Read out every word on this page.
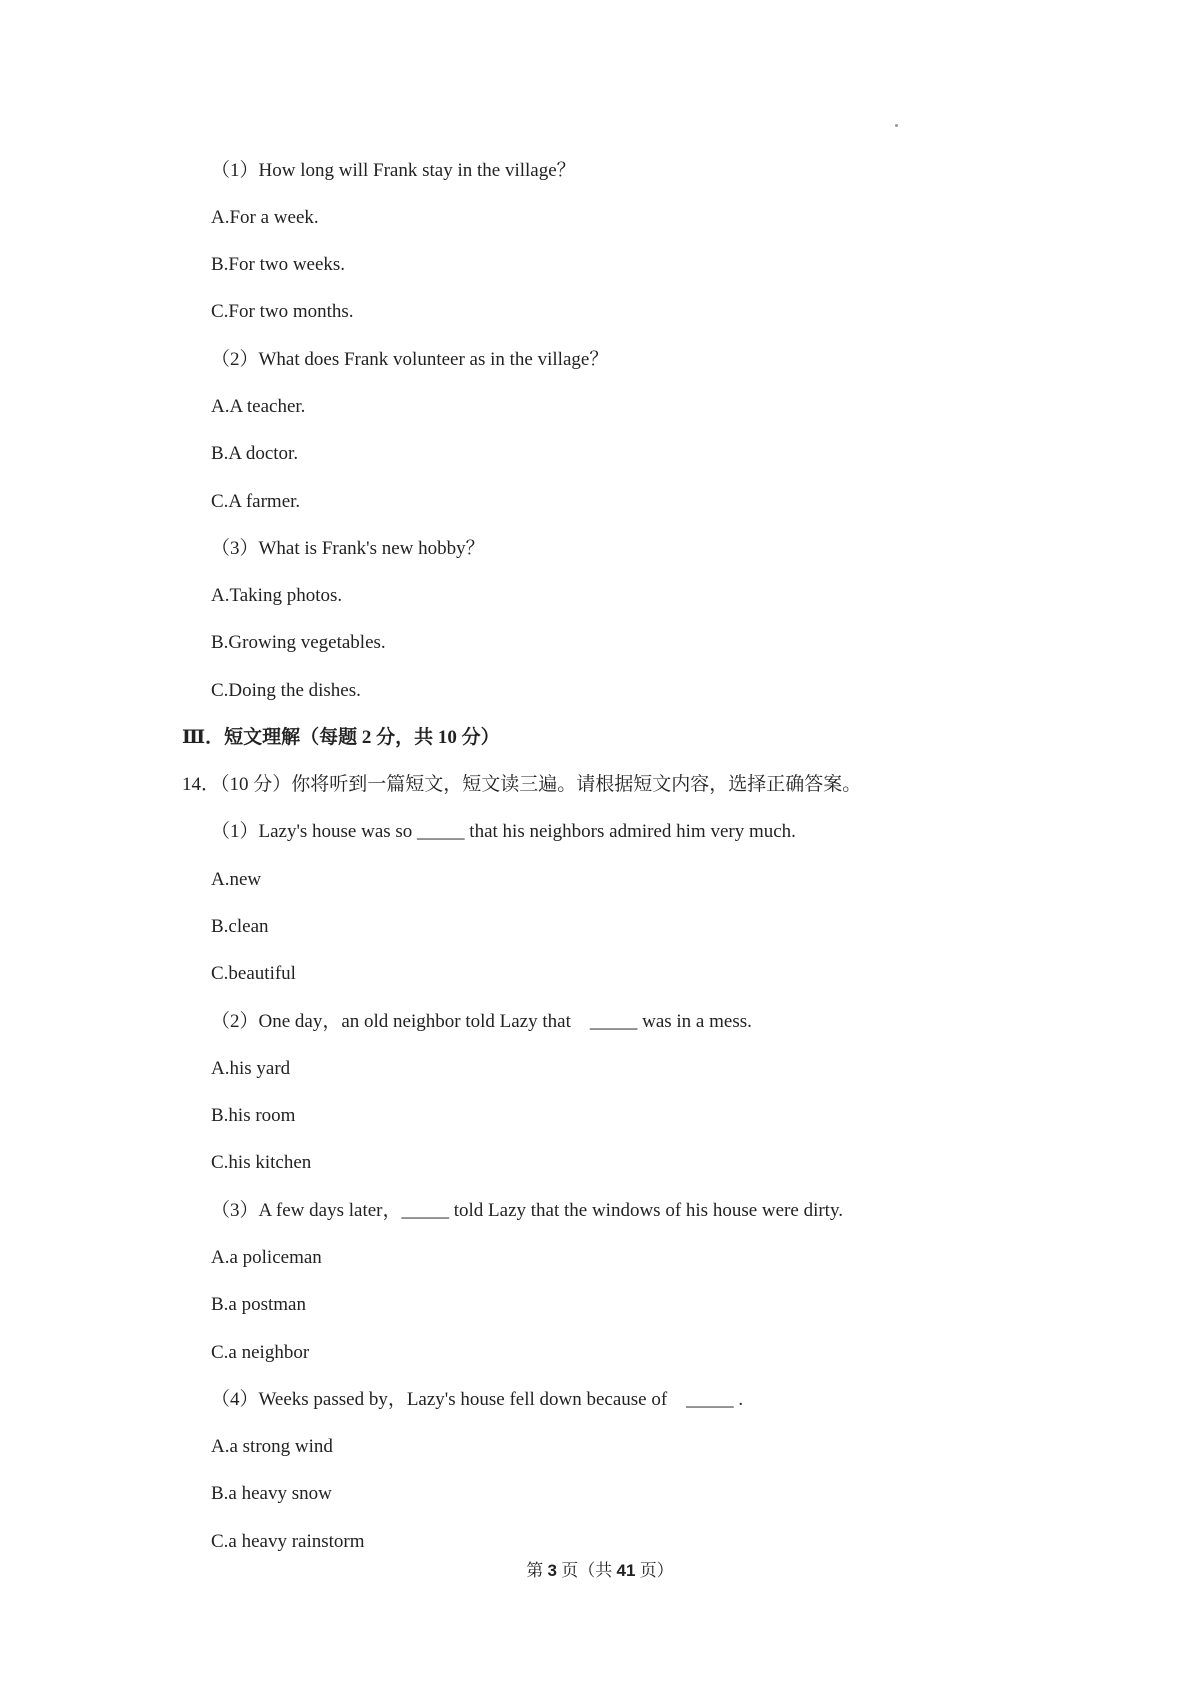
（1）How long will Frank stay in the village？
A.For a week.
B.For two weeks.
C.For two months.
（2）What does Frank volunteer as in the village？
A.A teacher.
B.A doctor.
C.A farmer.
（3）What is Frank's new hobby？
A.Taking photos.
B.Growing vegetables.
C.Doing the dishes.
Ⅲ．短文理解（每题 2 分，共 10 分）
14．（10 分）你将听到一篇短文，短文读三遍。请根据短文内容，选择正确答案。
（1）Lazy's house was so _____ that his neighbors admired him very much.
A.new
B.clean
C.beautiful
（2）One day，an old neighbor told Lazy that    _____ was in a mess.
A.his yard
B.his room
C.his kitchen
（3）A few days later，_____ told Lazy that the windows of his house were dirty.
A.a policeman
B.a postman
C.a neighbor
（4）Weeks passed by，Lazy's house fell down because of    _____ .
A.a strong wind
B.a heavy snow
C.a heavy rainstorm
第 3 页（共 41 页）
